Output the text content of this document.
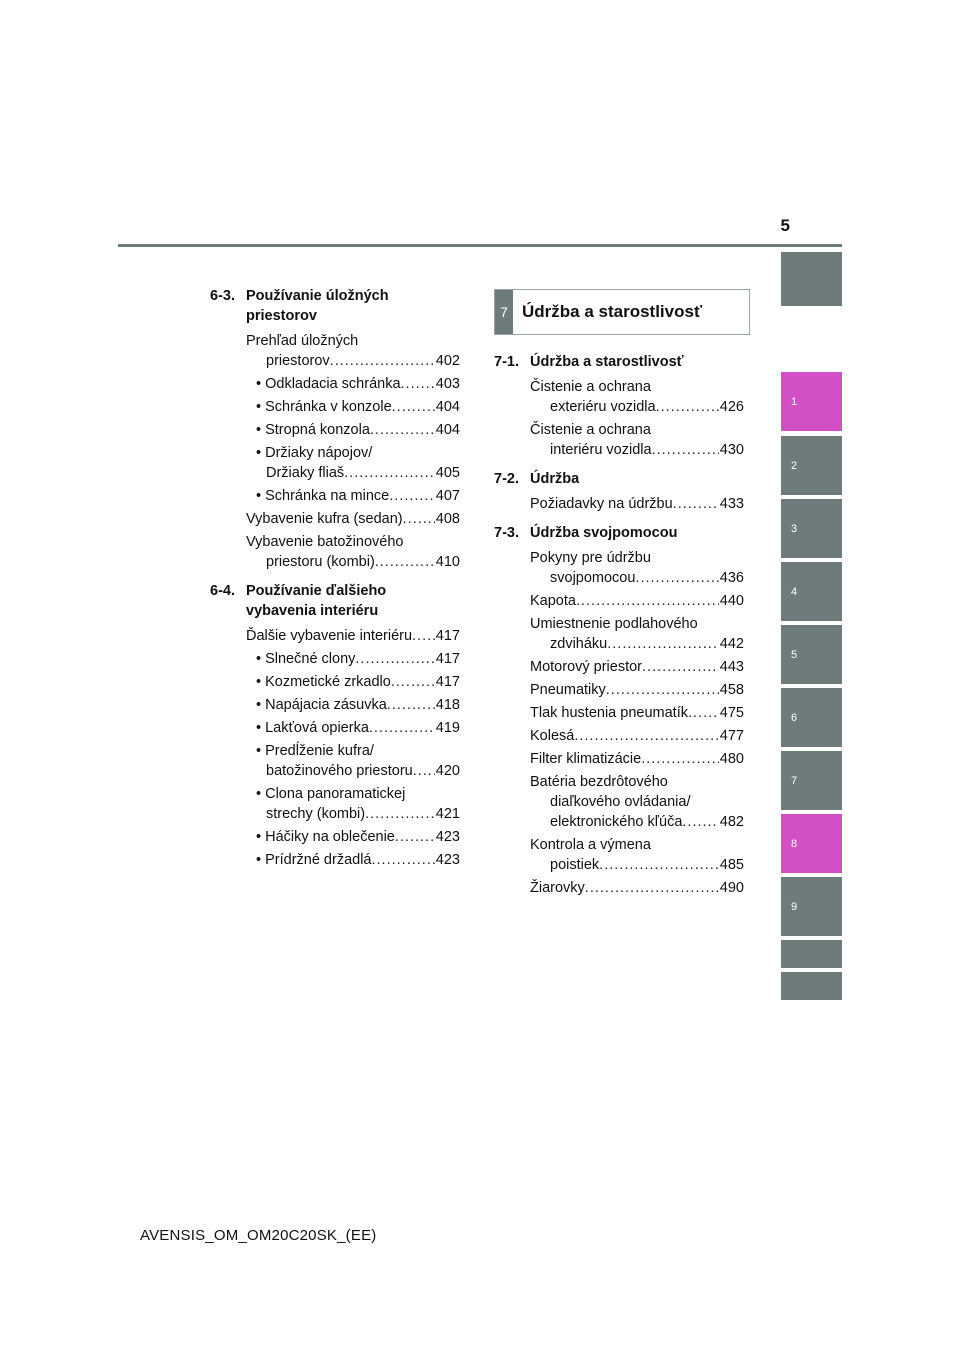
5
6-3. Používanie úložných priestorov
Prehľad úložných
priestorov .....	402
• Odkladacia schránka ..... 403
• Schránka v konzole .....	404
• Stropná konzola .....	404
• Držiaky nápojov/
Držiaky fliaš .....	405
• Schránka na mince .....	407
Vybavenie kufra (sedan) ..... 408
Vybavenie batožinového
priestoru (kombi) .....	410
6-4. Používanie ďalšieho vybavenia interiéru
Ďalšie vybavenie interiéru ..... 417
• Slnečné clony .....	417
• Kozmetické zrkadlo .....	417
• Napájacia zásuvka .....	418
• Lakťová opierka .....	419
• Predĺženie kufra/
batožinového priestoru ..... 420
• Clona panoramatickej
strechy (kombi) .....	421
• Háčiky na oblečenie .....	423
• Prídržné držadlá .....	423
7 Údržba a starostlivosť
7-1. Údržba a starostlivosť
Čistenie a ochrana
exteriéru vozidla .....	426
Čistenie a ochrana
interiéru vozidla .....	430
7-2. Údržba
Požiadavky na údržbu .....	433
7-3. Údržba svojpomocou
Pokyny pre údržbu
svojpomocou .....	436
Kapota .....	440
Umiestnenie podlahového
zdviháku .....	442
Motorový priestor .....	443
Pneumatiky .....	458
Tlak hustenia pneumatík ..... 475
Kolesá .....	477
Filter klimatizácie .....	480
Batéria bezdrôtového
diaľkového ovládania/
elektronického kľúča .....	482
Kontrola a výmena
poistiek .....	485
Žiarovky .....	490
1
2
3
4
5
6
7
8
9
AVENSIS_OM_OM20C20SK_(EE)
